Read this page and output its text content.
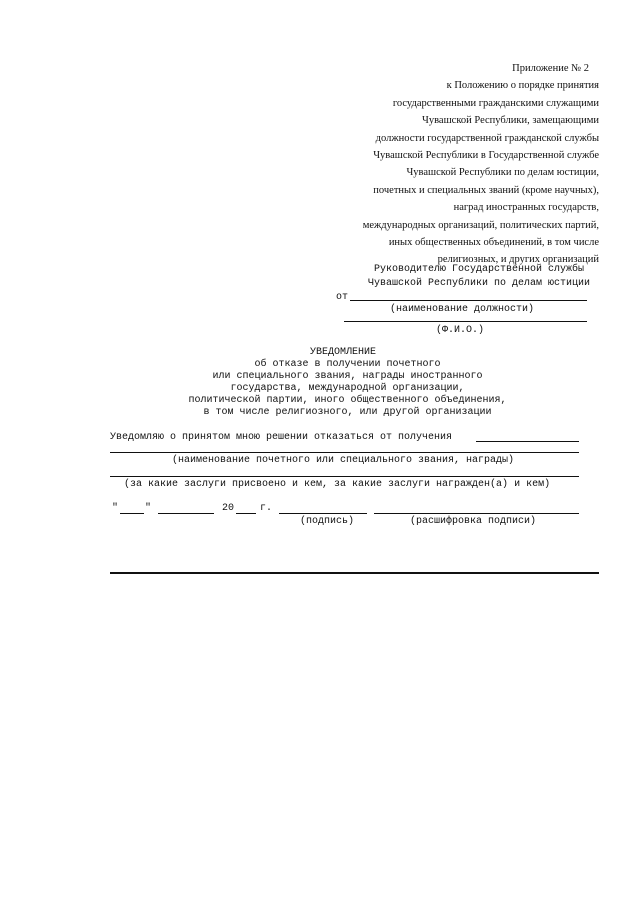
Приложение № 2
к Положению о порядке принятия
государственными гражданскими служащими
Чувашской Республики, замещающими
должности государственной гражданской службы
Чувашской Республики в Государственной службе
Чувашской Республики по делам юстиции,
почетных и специальных званий (кроме научных),
наград иностранных государств,
международных организаций, политических партий,
иных общественных объединений, в том числе
религиозных, и других организаций
Руководителю Государственной службы
Чувашской Республики по делам юстиции
от
(наименование должности)
(Ф.И.О.)
УВЕДОМЛЕНИЕ
об отказе в получении почетного
или специального звания, награды иностранного
государства, международной организации,
политической партии, иного общественного объединения,
в том числе религиозного, или другой организации
Уведомляю о принятом мною решении отказаться от получения
(наименование почетного или специального звания, награды)
(за какие заслуги присвоено и кем, за какие заслуги награжден(а) и кем)
"	"	20	г.
(подпись)	(расшифровка подписи)
